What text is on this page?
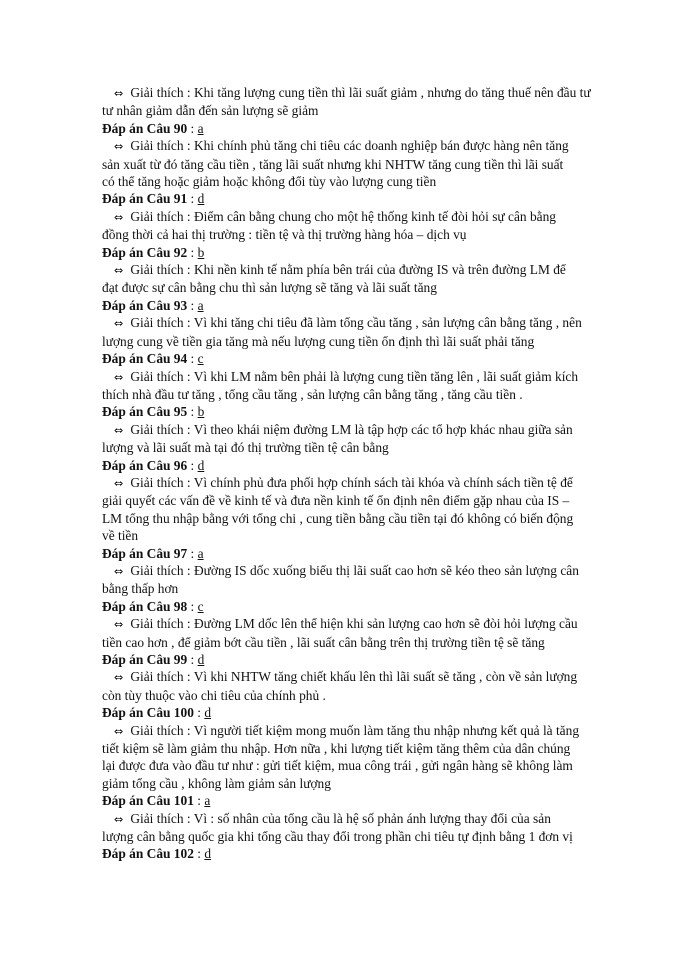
⇔ Giải thích : Khi tăng lượng cung tiền thì lãi suất giảm , nhưng do tăng thuế nên đầu tư
tư nhân giảm dẫn đến sản lượng sẽ giảm
Đáp án Câu 90 : a
⇔ Giải thích : Khi chính phủ tăng chi tiêu các doanh nghiệp bán được hàng nên tăng
sản xuất từ đó tăng cầu tiền , tăng lãi suất nhưng khi NHTW tăng cung tiền thì lãi suất
có thể tăng hoặc giảm hoặc không đổi tùy vào lượng cung tiền
Đáp án Câu 91 : d
⇔ Giải thích : Điểm cân bằng chung cho một hệ thống kinh tế đòi hỏi sự cân bằng
đồng thời cả hai thị trường : tiền tệ và thị trường hàng hóa – dịch vụ
Đáp án Câu 92 : b
⇔ Giải thích : Khi nền kinh tế nằm phía bên trái của đường IS và trên đường LM để
đạt được sự cân bằng chu thì sản lượng sẽ tăng và lãi suất tăng
Đáp án Câu 93 : a
⇔ Giải thích : Vì khi tăng chi tiêu đã làm tổng cầu tăng , sản lượng cân bằng tăng , nên
lượng cung về tiền gia tăng mà nếu lượng cung tiền ổn định thì lãi suất phải tăng
Đáp án Câu 94 : c
⇔ Giải thích : Vì khi LM nằm bên phải là lượng cung tiền tăng lên , lãi suất giảm kích
thích nhà đầu tư tăng , tổng cầu tăng , sản lượng cân bằng tăng , tăng cầu tiền .
Đáp án Câu 95 : b
⇔ Giải thích : Vì theo khái niệm đường LM là tập hợp các tổ hợp khác nhau giữa sản
lượng và lãi suất mà tại đó thị trường tiền tệ cân bằng
Đáp án Câu 96 : d
⇔ Giải thích : Vì chính phủ đưa phối hợp chính sách tài khóa và chính sách tiền tệ để
giải quyết các vấn đề về kinh tế và đưa nền kinh tế ổn định nên điểm gặp nhau của IS –
LM tổng thu nhập bằng với tổng chi , cung tiền bằng cầu tiền tại đó không có biến động
về tiền
Đáp án Câu 97 : a
⇔ Giải thích : Đường IS dốc xuống biểu thị lãi suất cao hơn sẽ kéo theo sản lượng cân
bằng thấp hơn
Đáp án Câu 98 : c
⇔ Giải thích : Đường LM dốc lên thể hiện khi sản lượng cao hơn sẽ đòi hỏi lượng cầu
tiền cao hơn , để giảm bớt cầu tiền , lãi suất cân bằng trên thị trường tiền tệ sẽ tăng
Đáp án Câu 99 : d
⇔ Giải thích : Vì khi NHTW tăng chiết khấu lên thì lãi suất sẽ tăng , còn về sản lượng
còn tùy thuộc vào chi tiêu của chính phủ .
Đáp án Câu 100 : d
⇔ Giải thích : Vì người tiết kiệm mong muốn làm tăng thu nhập nhưng kết quả là tăng
tiết kiệm sẽ làm giảm thu nhập. Hơn nữa , khi lượng tiết kiệm tăng thêm của dân chúng
lại được đưa vào đầu tư như : gửi tiết kiệm, mua công trái , gửi ngân hàng sẽ không làm
giảm tổng cầu , không làm giảm sản lượng
Đáp án Câu 101 : a
⇔ Giải thích : Vì : số nhân của tổng cầu là hệ số phản ánh lượng thay đổi của sản
lượng cân bằng quốc gia khi tổng cầu thay đổi trong phần chi tiêu tự định bằng 1 đơn vị
Đáp án Câu 102 : d
